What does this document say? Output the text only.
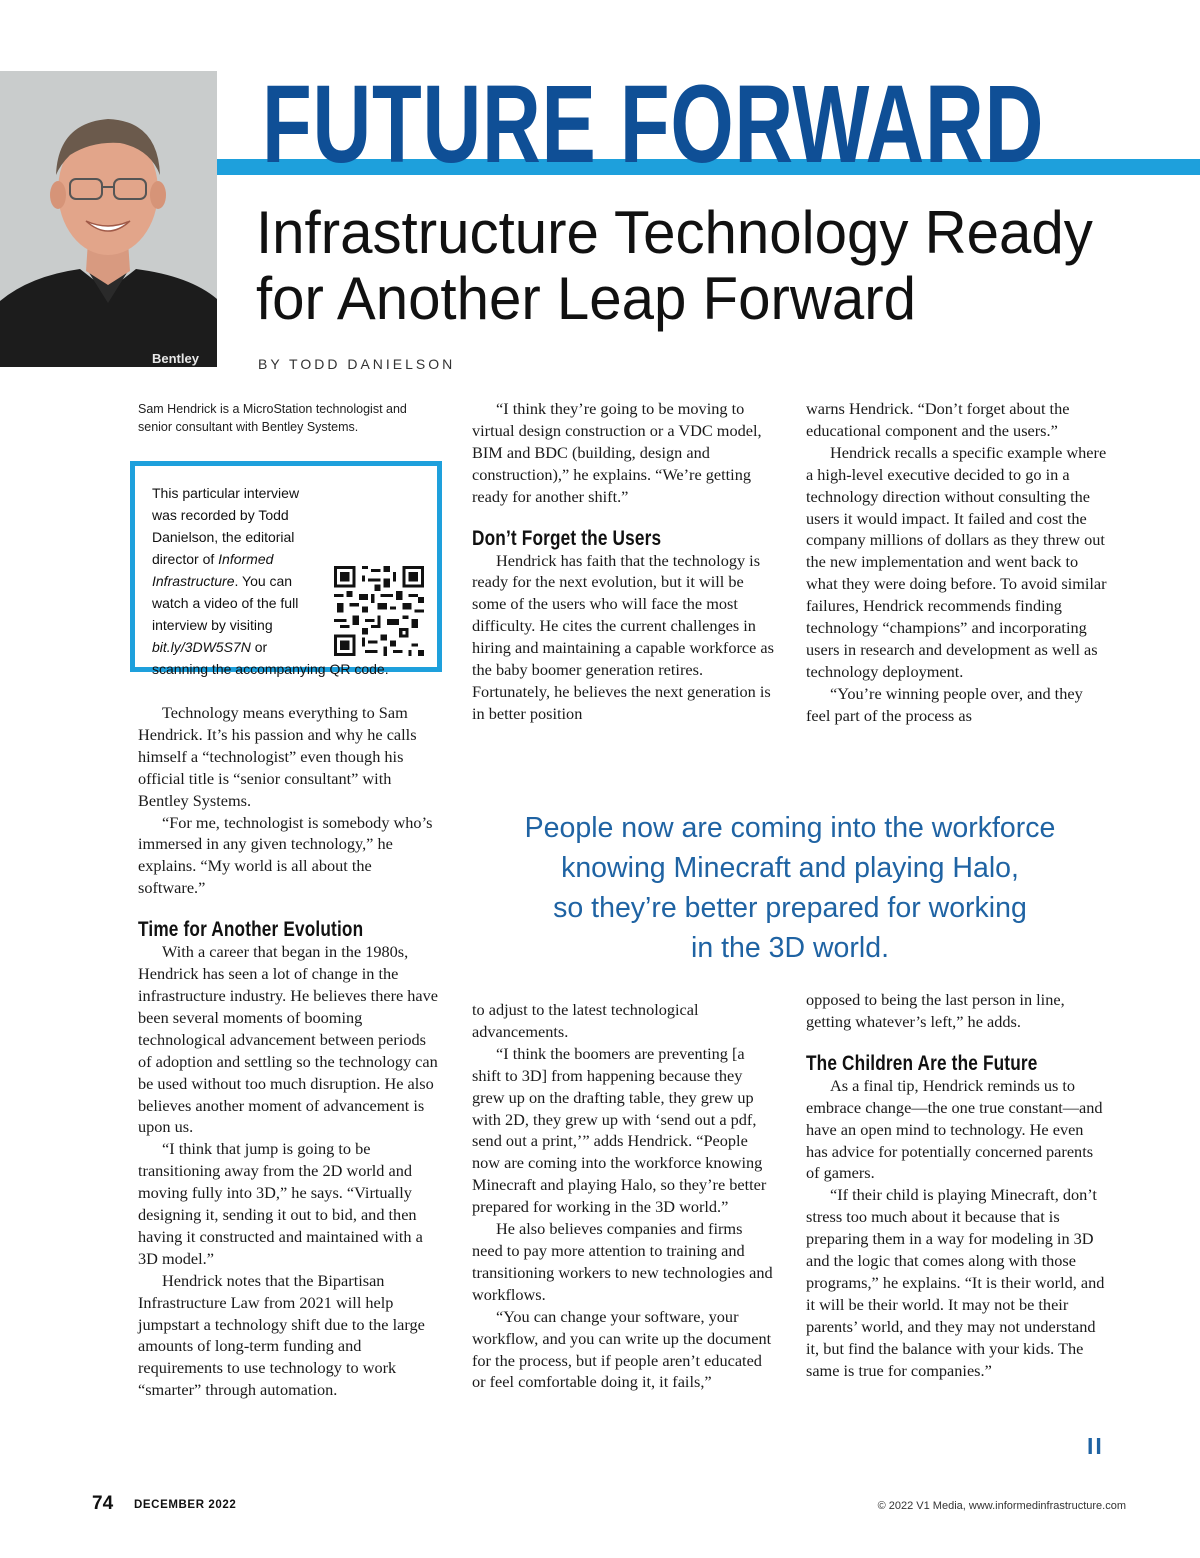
Bentley
FUTURE FORWARD
Infrastructure Technology Ready
for Another Leap Forward
BY TODD DANIELSON
Sam Hendrick is a MicroStation technologist and senior consultant with Bentley Systems.
This particular interview was recorded by Todd Danielson, the editorial director of Informed Infrastructure. You can watch a video of the full interview by visiting bit.ly/3DW5S7N or scanning the accompanying QR code.

Technology means everything to Sam Hendrick. It’s his passion and why he calls himself a “technologist” even though his official title is “senior consultant” with Bentley Systems.

“For me, technologist is somebody who’s immersed in any given technology,” he explains. “My world is all about the software.”

Time for Another Evolution

With a career that began in the 1980s, Hendrick has seen a lot of change in the infrastructure industry. He believes there have been several moments of booming technological advancement between periods of adoption and settling so the technology can be used without too much disruption. He also believes another moment of advancement is upon us.

“I think that jump is going to be transitioning away from the 2D world and moving fully into 3D,” he says. “Virtually designing it, sending it out to bid, and then having it constructed and maintained with a 3D model.”

Hendrick notes that the Bipartisan Infrastructure Law from 2021 will help jumpstart a technology shift due to the large amounts of long-term funding and requirements to use technology to work “smarter” through automation.

“I think they’re going to be moving to virtual design construction or a VDC model, BIM and BDC (building, design and construction),” he explains. “We’re getting ready for another shift.”

Don’t Forget the Users

Hendrick has faith that the technology is ready for the next evolution, but it will be some of the users who will face the most difficulty. He cites the current challenges in hiring and maintaining a capable workforce as the baby boomer generation retires. Fortunately, he believes the next generation is in better position

warns Hendrick. “Don’t forget about the educational component and the users.”

Hendrick recalls a specific example where a high-level executive decided to go in a technology direction without consulting the users it would impact. It failed and cost the company millions of dollars as they threw out the new implementation and went back to what they were doing before. To avoid similar failures, Hendrick recommends finding technology “champions” and incorporating users in research and development as well as technology deployment.

“You’re winning people over, and they feel part of the process as

People now are coming into the workforce
knowing Minecraft and playing Halo,
so they’re better prepared for working
in the 3D world.

to adjust to the latest technological advancements.

“I think the boomers are preventing [a shift to 3D] from happening because they grew up on the drafting table, they grew up with 2D, they grew up with ‘send out a pdf, send out a print,’” adds Hendrick. “People now are coming into the workforce knowing Minecraft and playing Halo, so they’re better prepared for working in the 3D world.”

He also believes companies and firms need to pay more attention to training and transitioning workers to new technologies and workflows.

“You can change your software, your workflow, and you can write up the document for the process, but if people aren’t educated or feel comfortable doing it, it fails,”

opposed to being the last person in line, getting whatever’s left,” he adds.

The Children Are the Future

As a final tip, Hendrick reminds us to embrace change—the one true constant—and have an open mind to technology. He even has advice for potentially concerned parents of gamers.

“If their child is playing Minecraft, don’t stress too much about it because that is preparing them in a way for modeling in 3D and the logic that comes along with those programs,” he explains. “It is their world, and it will be their world. It may not be their parents’ world, and they may not understand it, but find the balance with your kids. The same is true for companies.”

II
74 DECEMBER 2022	© 2022 V1 Media, www.informedinfrastructure.com
